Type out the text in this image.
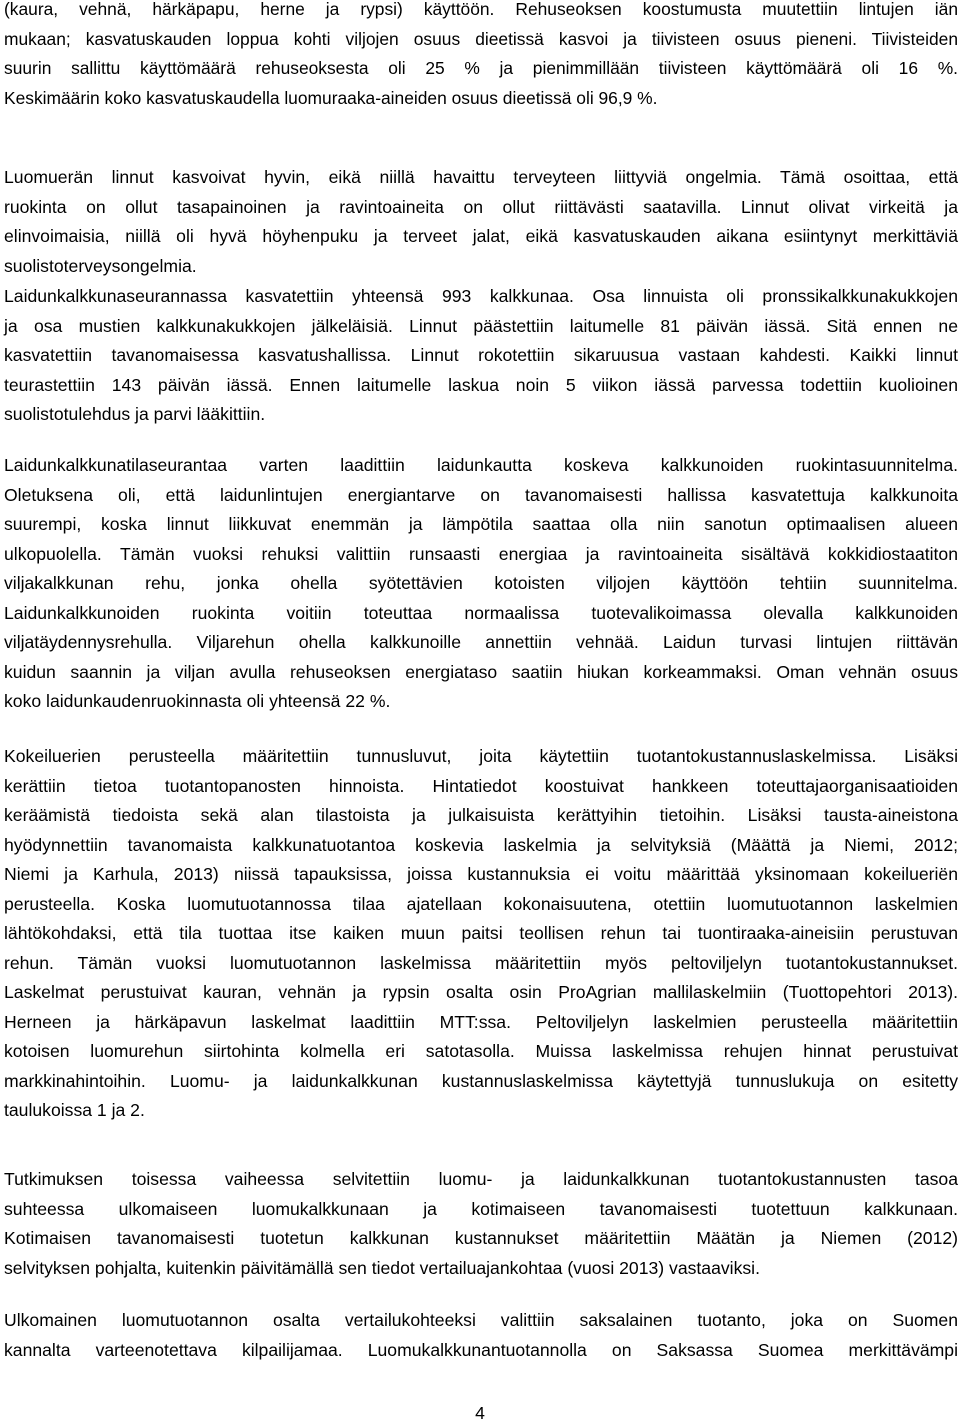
(kaura, vehnä, härkäpapu, herne ja rypsi) käyttöön. Rehuseoksen koostumusta muutettiin lintujen iän
mukaan; kasvatuskauden loppua kohti viljojen osuus dieetissä kasvoi ja tiivisteen osuus pieneni. Tiivisteiden
suurin sallittu käyttömäärä rehuseoksesta oli 25 % ja pienimmillään tiivisteen käyttömäärä oli 16 %.
Keskimäärin koko kasvatuskaudella luomuraaka-aineiden osuus dieetissä oli 96,9 %.
Luomuerän linnut kasvoivat hyvin, eikä niillä havaittu terveyteen liittyviä ongelmia. Tämä osoittaa, että
ruokinta on ollut tasapainoinen ja ravintoaineita on ollut riittävästi saatavilla. Linnut olivat virkeitä ja
elinvoimaisia, niillä oli hyvä höyhenpuku ja terveet jalat, eikä kasvatuskauden aikana esiintynyt merkittäviä
suolistoterveysongelmia.
Laidunkalkkunaseurannassa kasvatettiin yhteensä 993 kalkkunaa. Osa linnuista oli pronssikalkkunakukkojen
ja osa mustien kalkkunakukkojen jälkeläisiä. Linnut päästettiin laitumelle 81 päivän iässä. Sitä ennen ne
kasvatettiin tavanomaisessa kasvatushallissa. Linnut rokotettiin sikaruusua vastaan kahdesti. Kaikki linnut
teurastettiin 143 päivän iässä. Ennen laitumelle laskua noin 5 viikon iässä parvessa todettiin kuolioinen
suolistotulehdus ja parvi lääkittiin.
Laidunkalkkunatilaseurantaa varten laadittiin laidunkautta koskeva kalkkunoiden ruokintasuunnitelma.
Oletuksena oli, että laidunlintujen energiantarve on tavanomaisesti hallissa kasvatettuja kalkkunoita
suurempi, koska linnut liikkuvat enemmän ja lämpötila saattaa olla niin sanotun optimaalisen alueen
ulkopuolella. Tämän vuoksi rehuksi valittiin runsaasti energiaa ja ravintoaineita sisältävä kokkidiostaatiton
viljakalkkunan rehu, jonka ohella syötettävien kotoisten viljojen käyttöön tehtiin suunnitelma.
Laidunkalkkunoiden ruokinta voitiin toteuttaa normaalissa tuotevalikoimassa olevalla kalkkunoiden
viljatäydennysrehulla. Viljarehun ohella kalkkunoille annettiin vehnää. Laidun turvasi lintujen riittävän
kuidun saannin ja viljan avulla rehuseoksen energiataso saatiin hiukan korkeammaksi. Oman vehnän osuus
koko laidunkaudenruokinnasta oli yhteensä 22 %.
Kokeiluerien perusteella määritettiin tunnusluvut, joita käytettiin tuotantokustannuslaskelmissa. Lisäksi
kerättiin tietoa tuotantopanosten hinnoista. Hintatiedot koostuivat hankkeen toteuttajaorganisaatioiden
keräämistä tiedoista sekä alan tilastoista ja julkaisuista kerättyihin tietoihin. Lisäksi tausta-aineistona
hyödynnettiin tavanomaista kalkkunatuotantoa koskevia laskelmia ja selvityksiä (Määttä ja Niemi, 2012;
Niemi ja Karhula, 2013) niissä tapauksissa, joissa kustannuksia ei voitu määrittää yksinomaan kokeilueriën
perusteella. Koska luomutuotannossa tilaa ajatellaan kokonaisuutena, otettiin luomutuotannon laskelmien
lähtökohdaksi, että tila tuottaa itse kaiken muun paitsi teollisen rehun tai tuontiraaka-aineisiin perustuvan
rehun. Tämän vuoksi luomutuotannon laskelmissa määritettiin myös peltoviljelyn tuotantokustannukset.
Laskelmat perustuivat kauran, vehnän ja rypsin osalta osin ProAgrian mallilaskelmiin (Tuottopehtori 2013).
Herneen ja härkäpavun laskelmat laadittiin MTT:ssa. Peltoviljelyn laskelmien perusteella määritettiin
kotoisen luomurehun siirtohinta kolmella eri satotasolla. Muissa laskelmissa rehujen hinnat perustuivat
markkinahintoihin. Luomu- ja laidunkalkkunan kustannuslaskelmissa käytettyjä tunnuslukuja on esitetty
taulukoissa 1 ja 2.
Tutkimuksen toisessa vaiheessa selvitettiin luomu- ja laidunkalkkunan tuotantokustannusten tasoa
suhteessa ulkomaiseen luomukalkkunaan ja kotimaiseen tavanomaisesti tuotettuun kalkkunaan.
Kotimaisen tavanomaisesti tuotetun kalkkunan kustannukset määritettiin Määtän ja Niemen (2012)
selvityksen pohjalta, kuitenkin päivitämällä sen tiedot vertailuajankohtaa (vuosi 2013) vastaaviksi.
Ulkomainen luomutuotannon osalta vertailukohteeksi valittiin saksalainen tuotanto, joka on Suomen
kannalta varteenotettava kilpailijamaa. Luomukalkkunantuotannolla on Saksassa Suomea merkittävämpi
4
